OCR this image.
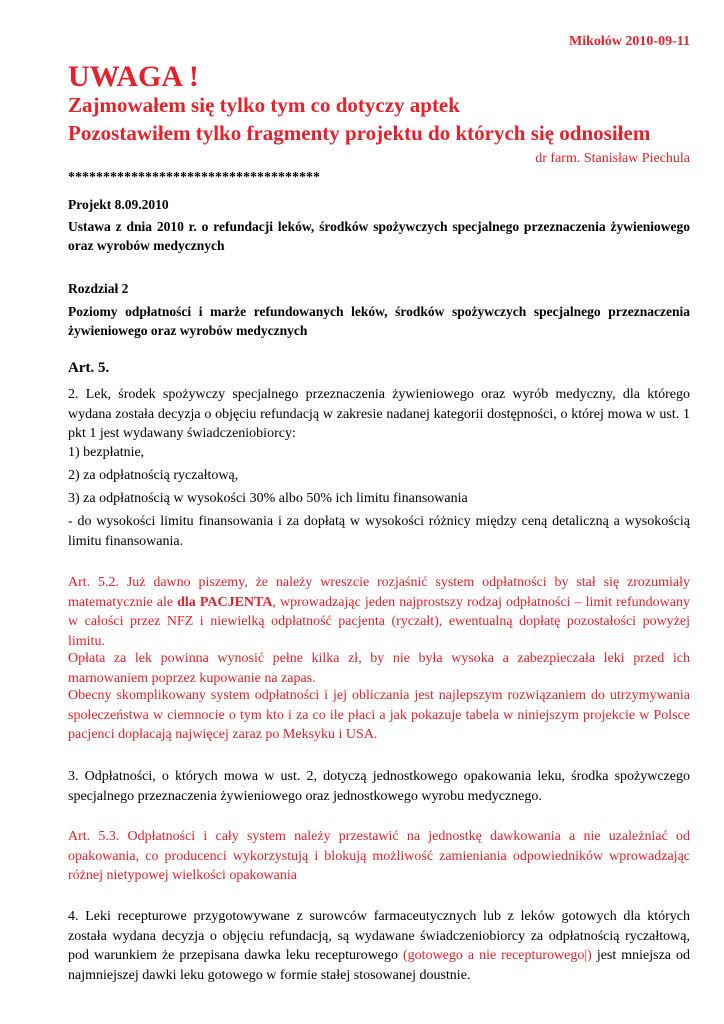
Mikołów 2010-09-11
UWAGA !
Zajmowałem się tylko tym co dotyczy aptek
Pozostawiłem tylko fragmenty projektu do których się odnosiłem
dr farm. Stanisław Piechula
************************************
Projekt 8.09.2010
Ustawa z dnia 2010 r. o refundacji leków, środków spożywczych specjalnego przeznaczenia żywieniowego oraz wyrobów medycznych
Rozdział 2
Poziomy odpłatności i marże refundowanych leków, środków spożywczych specjalnego przeznaczenia żywieniowego oraz wyrobów medycznych
Art. 5.
2. Lek, środek spożywczy specjalnego przeznaczenia żywieniowego oraz wyrób medyczny, dla którego wydana została decyzja o objęciu refundacją w zakresie nadanej kategorii dostępności, o której mowa w ust. 1 pkt 1 jest wydawany świadczeniobiorcy:
1) bezpłatnie,
2) za odpłatnością ryczałtową,
3) za odpłatnością w wysokości 30% albo 50% ich limitu finansowania
- do wysokości limitu finansowania i za dopłatą w wysokości różnicy między ceną detaliczną a wysokością limitu finansowania.
Art. 5.2. Już dawno piszemy, że należy wreszcie rozjaśnić system odpłatności by stał się zrozumiały matematycznie ale dla PACJENTA, wprowadzając jeden najprostszy rodzaj odpłatności – limit refundowany w całości przez NFZ i niewielką odpłatność pacjenta (ryczałt), ewentualną dopłatę pozostałości powyżej limitu.
Opłata za lek powinna wynosić pełne kilka zł, by nie była wysoka a zabezpieczała leki przed ich marnowaniem poprzez kupowanie na zapas.
Obecny skomplikowany system odpłatności i jej obliczania jest najlepszym rozwiązaniem do utrzymywania społeczeństwa w ciemnocie o tym kto i za co ile płaci a jak pokazuje tabela w niniejszym projekcie w Polsce pacjenci dopłacają najwięcej zaraz po Meksyku i USA.
3. Odpłatności, o których mowa w ust. 2, dotyczą jednostkowego opakowania leku, środka spożywczego specjalnego przeznaczenia żywieniowego oraz jednostkowego wyrobu medycznego.
Art. 5.3. Odpłatności i cały system należy przestawić na jednostkę dawkowania a nie uzależniać od opakowania, co producenci wykorzystują i blokują możliwość zamieniania odpowiedników wprowadzając różnej nietypowej wielkości opakowania
4. Leki recepturowe przygotowywane z surowców farmaceutycznych lub z leków gotowych dla których została wydana decyzja o objęciu refundacją, są wydawane świadczeniobiorcy za odpłatnością ryczałtową, pod warunkiem że przepisana dawka leku recepturowego (gotowego a nie recepturowego|) jest mniejsza od najmniejszej dawki leku gotowego w formie stałej stosowanej doustnie.
